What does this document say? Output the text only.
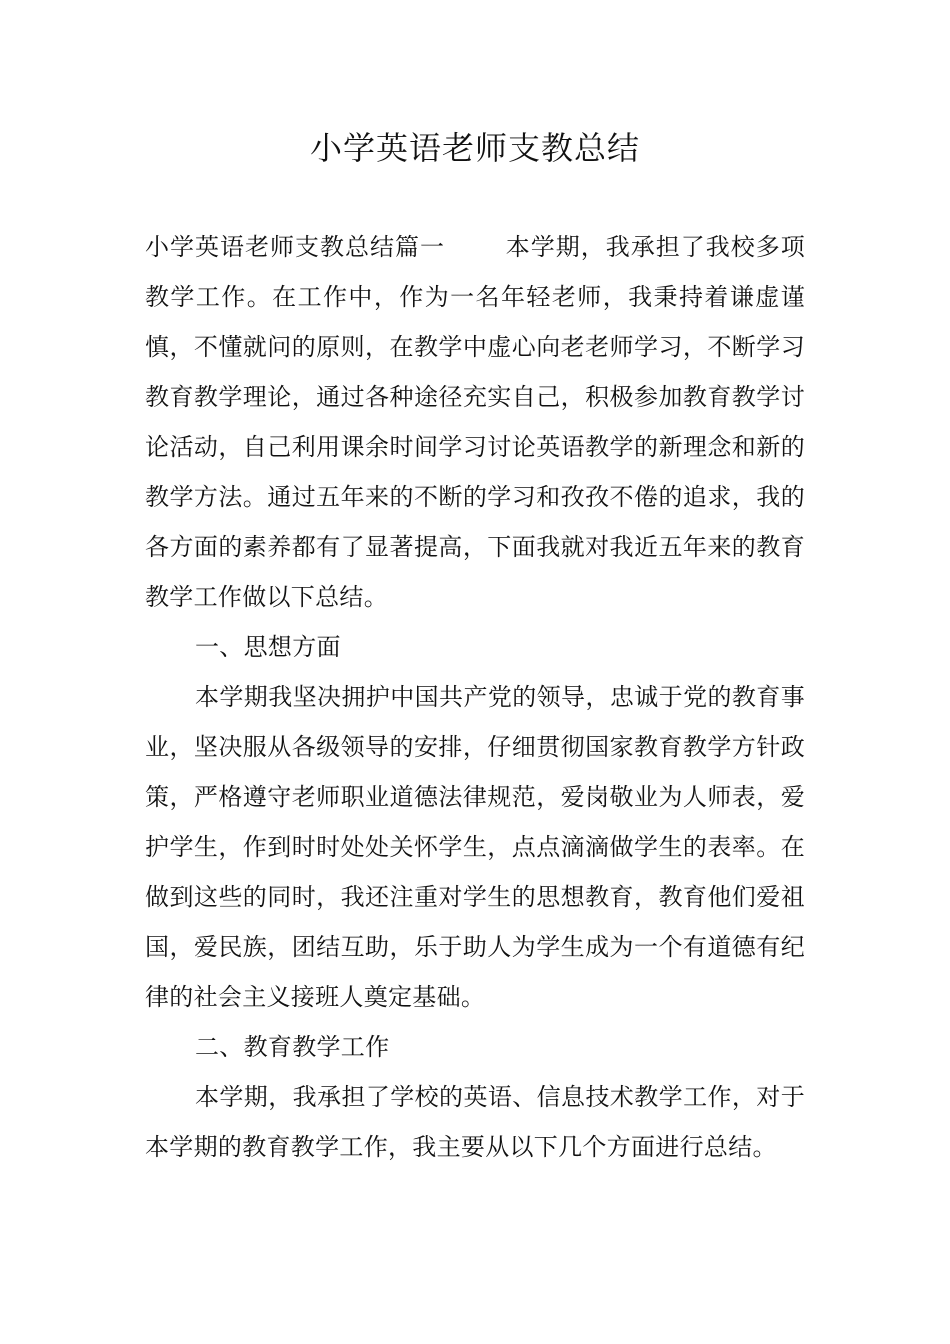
小学英语老师支教总结

小学英语老师支教总结篇一	本学期，我承担了我校多项教学工作。在工作中，作为一名年轻老师，我秉持着谦虚谨慎，不懂就问的原则，在教学中虚心向老老师学习，不断学习教育教学理论，通过各种途径充实自己，积极参加教育教学讨论活动，自己利用课余时间学习讨论英语教学的新理念和新的教学方法。通过五年来的不断的学习和孜孜不倦的追求，我的各方面的素养都有了显著提高，下面我就对我近五年来的教育教学工作做以下总结。

一、思想方面

本学期我坚决拥护中国共产党的领导，忠诚于党的教育事业，坚决服从各级领导的安排，仔细贯彻国家教育教学方针政策，严格遵守老师职业道德法律规范，爱岗敬业为人师表，爱护学生，作到时时处处关怀学生，点点滴滴做学生的表率。在做到这些的同时，我还注重对学生的思想教育，教育他们爱祖国，爱民族，团结互助，乐于助人为学生成为一个有道德有纪律的社会主义接班人奠定基础。

二、教育教学工作

本学期，我承担了学校的英语、信息技术教学工作，对于本学期的教育教学工作，我主要从以下几个方面进行总结。
